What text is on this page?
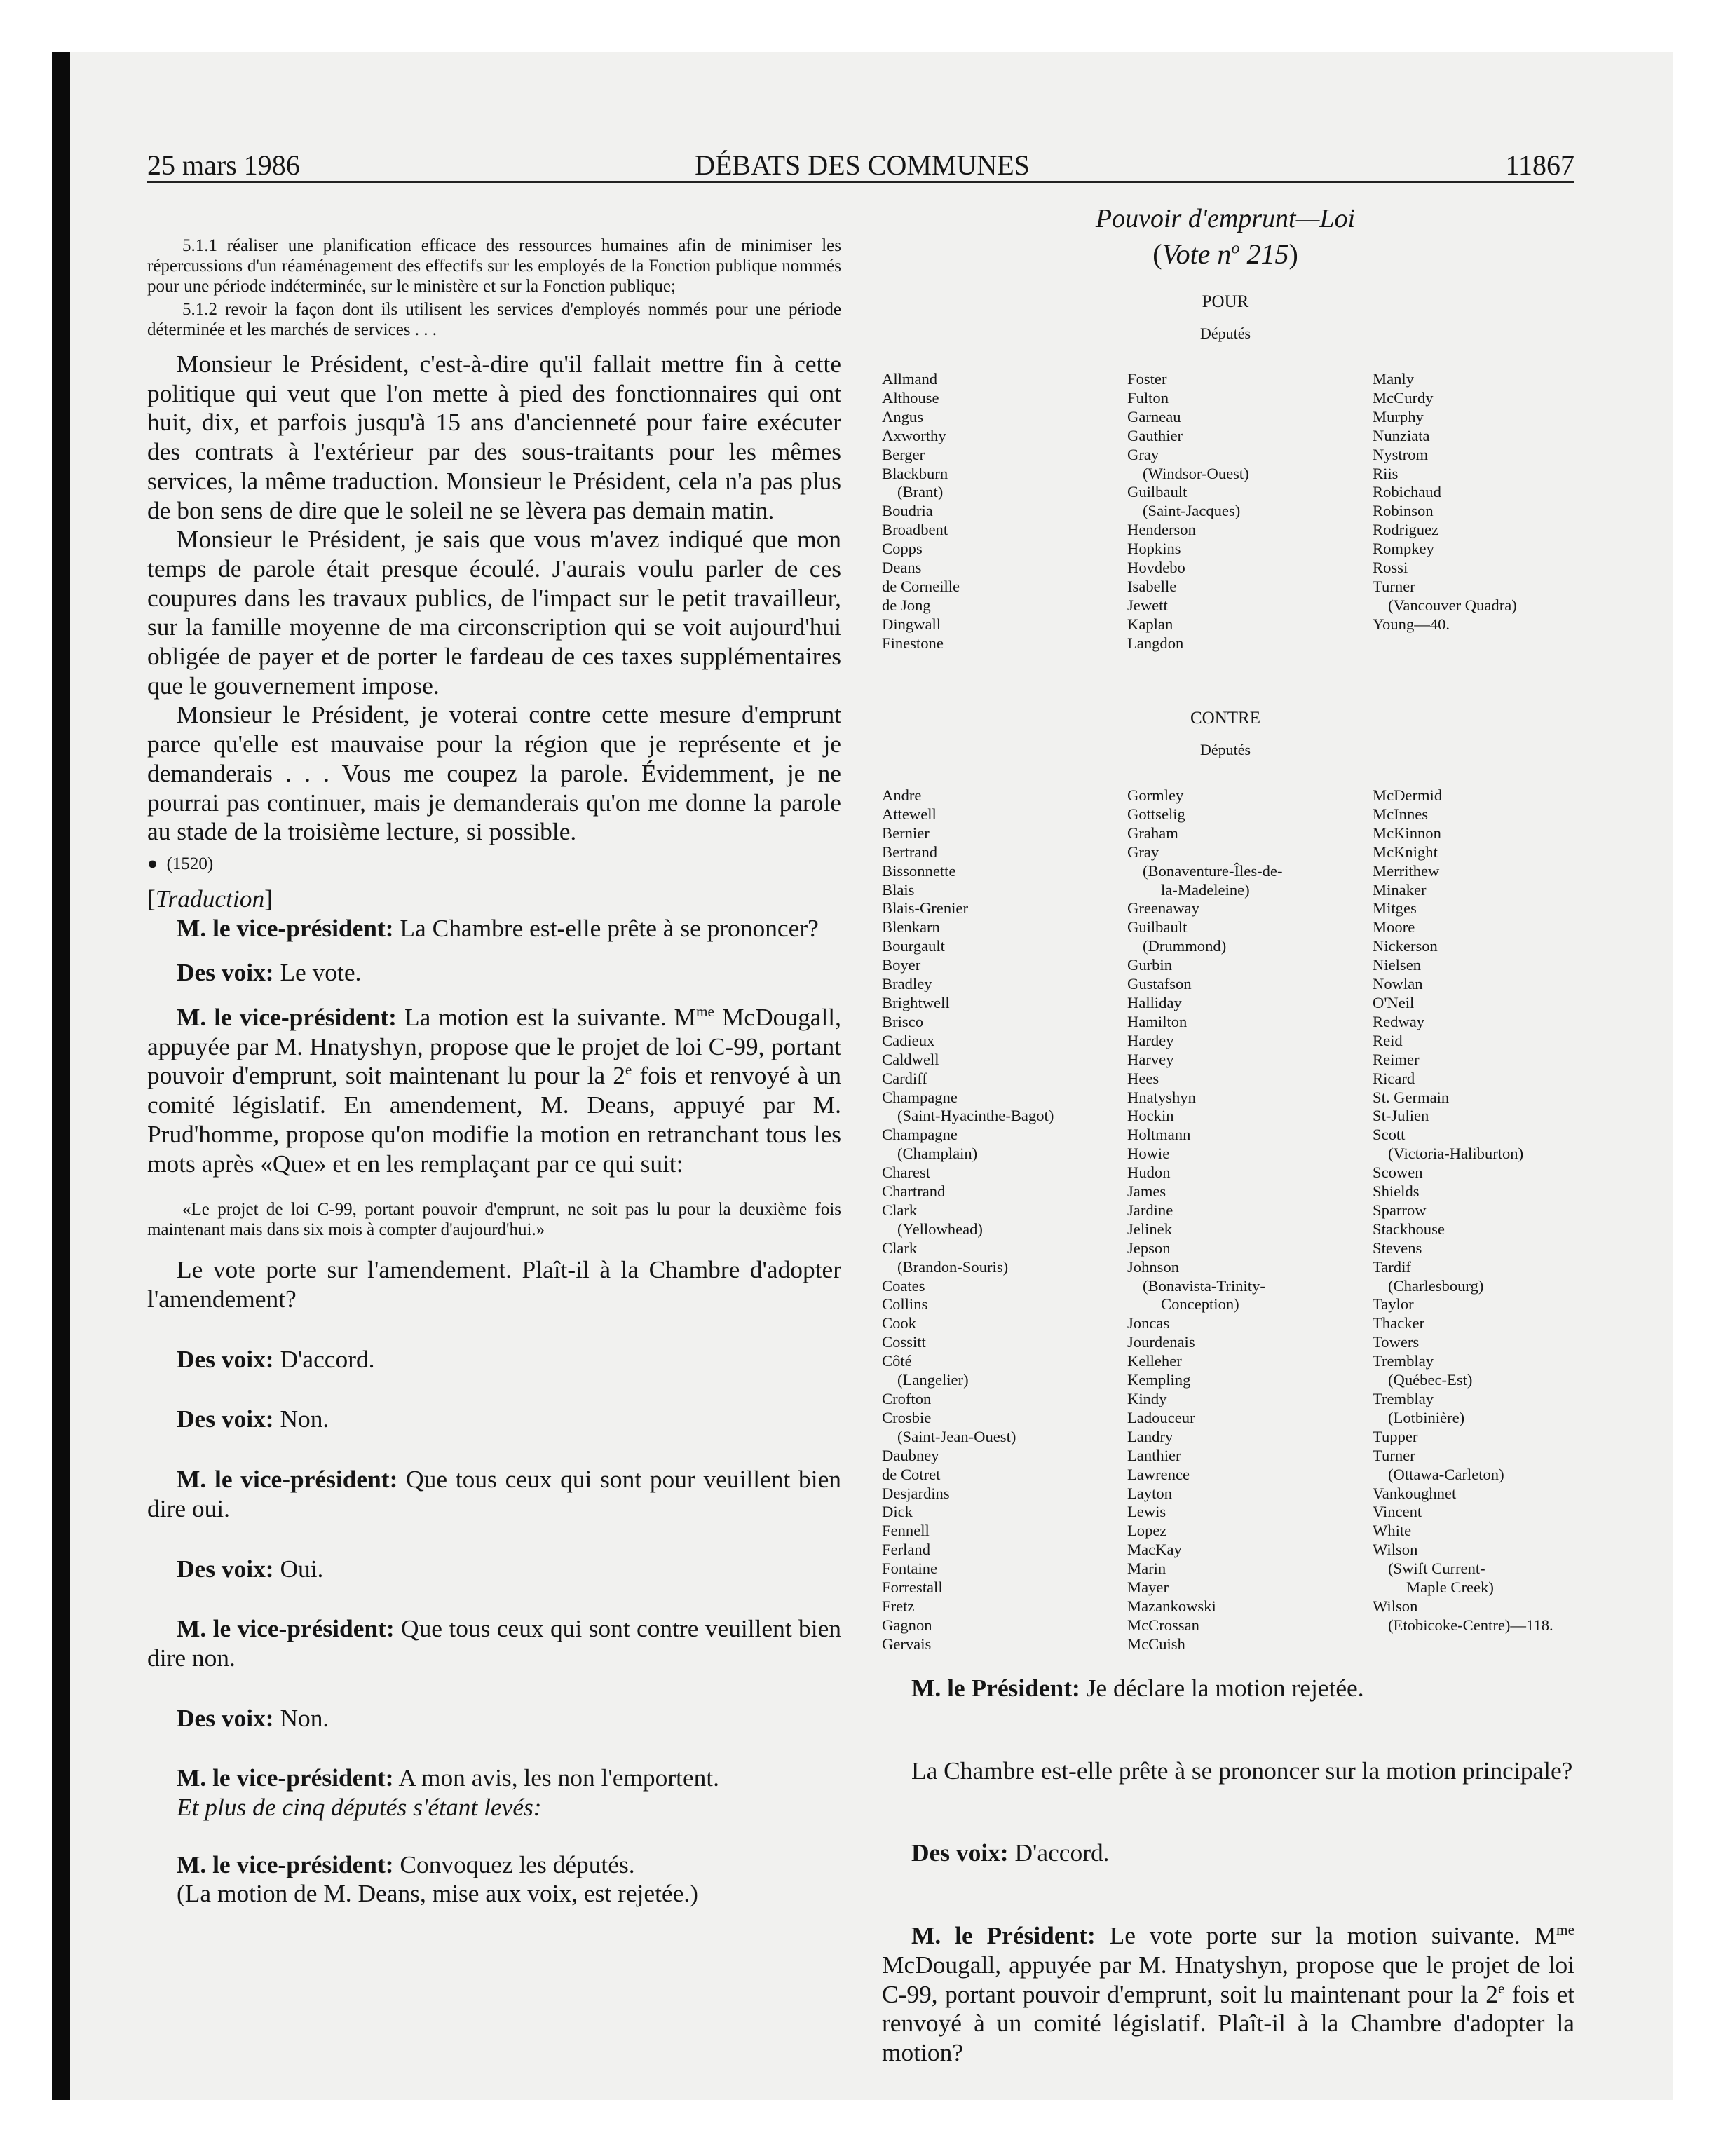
25 mars 1986	DÉBATS DES COMMUNES	11867

5.1.1 réaliser une planification efficace des ressources humaines afin de minimiser les répercussions d'un réaménagement des effectifs sur les employés de la Fonction publique nommés pour une période indéterminée, sur le ministère et sur la Fonction publique;

5.1.2 revoir la façon dont ils utilisent les services d'employés nommés pour une période déterminée et les marchés de services . . .

Monsieur le Président, c'est-à-dire qu'il fallait mettre fin à cette politique qui veut que l'on mette à pied des fonctionnaires qui ont huit, dix, et parfois jusqu'à 15 ans d'ancienneté pour faire exécuter des contrats à l'extérieur par des sous-traitants pour les mêmes services, la même traduction. Monsieur le Président, cela n'a pas plus de bon sens de dire que le soleil ne se lèvera pas demain matin.

Monsieur le Président, je sais que vous m'avez indiqué que mon temps de parole était presque écoulé. J'aurais voulu parler de ces coupures dans les travaux publics, de l'impact sur le petit travailleur, sur la famille moyenne de ma circonscription qui se voit aujourd'hui obligée de payer et de porter le fardeau de ces taxes supplémentaires que le gouvernement impose.

Monsieur le Président, je voterai contre cette mesure d'emprunt parce qu'elle est mauvaise pour la région que je représente et je demanderais . . . Vous me coupez la parole. Évidemment, je ne pourrai pas continuer, mais je demanderais qu'on me donne la parole au stade de la troisième lecture, si possible.

● (1520)

[Traduction]

M. le vice-président: La Chambre est-elle prête à se prononcer?

Des voix: Le vote.

M. le vice-président: La motion est la suivante. $M^{me}$ McDougall, appuyée par M. Hnatyshyn, propose que le projet de loi C-99, portant pouvoir d'emprunt, soit maintenant lu pour la 2e fois et renvoyé à un comité législatif. En amendement, M. Deans, appuyé par M. Prud'homme, propose qu'on modifie la motion en retranchant tous les mots après «Que» et en les remplaçant par ce qui suit:

«Le projet de loi C-99, portant pouvoir d'emprunt, ne soit pas lu pour la deuxième fois maintenant mais dans six mois à compter d'aujourd'hui.»

Le vote porte sur l'amendement. Plaît-il à la Chambre d'adopter l'amendement?

Des voix: D'accord.

Des voix: Non.

M. le vice-président: Que tous ceux qui sont pour veuillent bien dire oui.

Des voix: Oui.

M. le vice-président: Que tous ceux qui sont contre veuillent bien dire non.

Des voix: Non.

M. le vice-président: A mon avis, les non l'emportent.

Et plus de cinq députés s'étant levés:

M. le vice-président: Convoquez les députés.

(La motion de M. Deans, mise aux voix, est rejetée.)

Pouvoir d'emprunt—Loi
(Vote $n^o$ 215)
POUR
Députés
Allmand
Althouse
Angus
Axworthy
Berger
Blackburn
(Brant)
Boudria
Broadbent
Copps
Deans
de Corneille
de Jong
Dingwall
Finestone
Foster
Fulton
Garneau
Gauthier
Gray
(Windsor-Ouest)
Guilbault
(Saint-Jacques)
Henderson
Hopkins
Hovdebo
Isabelle
Jewett
Kaplan
Langdon
Manly
McCurdy
Murphy
Nunziata
Nystrom
Riis
Robichaud
Robinson
Rodriguez
Rompkey
Rossi
Turner
(Vancouver Quadra)
Young—40.
CONTRE
Députés
Andre
Attewell
Bernier
Bertrand
Bissonnette
Blais
Blais-Grenier
Blenkarn
Bourgault
Boyer
Bradley
Brightwell
Brisco
Cadieux
Caldwell
Cardiff
Champagne
(Saint-Hyacinthe-Bagot)
Champagne
(Champlain)
Charest
Chartrand
Clark
(Yellowhead)
Clark
(Brandon-Souris)
Coates
Collins
Cook
Cossitt
Côté
(Langelier)
Crofton
Crosbie
(Saint-Jean-Ouest)
Daubney
de Cotret
Desjardins
Dick
Fennell
Ferland
Fontaine
Forrestall
Fretz
Gagnon
Gervais
Gormley
Gottselig
Graham
Gray
(Bonaventure-Îles-de-
la-Madeleine)
Greenaway
Guilbault
(Drummond)
Gurbin
Gustafson
Halliday
Hamilton
Hardey
Harvey
Hees
Hnatyshyn
Hockin
Holtmann
Howie
Hudon
James
Jardine
Jelinek
Jepson
Johnson
(Bonavista-Trinity-
Conception)
Joncas
Jourdenais
Kelleher
Kempling
Kindy
Ladouceur
Landry
Lanthier
Lawrence
Layton
Lewis
Lopez
MacKay
Marin
Mayer
Mazankowski
McCrossan
McCuish
McDermid
McInnes
McKinnon
McKnight
Merrithew
Minaker
Mitges
Moore
Nickerson
Nielsen
Nowlan
O'Neil
Redway
Reid
Reimer
Ricard
St. Germain
St-Julien
Scott
(Victoria-Haliburton)
Scowen
Shields
Sparrow
Stackhouse
Stevens
Tardif
(Charlesbourg)
Taylor
Thacker
Towers
Tremblay
(Québec-Est)
Tremblay
(Lotbinière)
Tupper
Turner
(Ottawa-Carleton)
Vankoughnet
Vincent
White
Wilson
(Swift Current-
Maple Creek)
Wilson
(Etobicoke-Centre)—118.

M. le Président: Je déclare la motion rejetée.

La Chambre est-elle prête à se prononcer sur la motion principale?

Des voix: D'accord.

M. le Président: Le vote porte sur la motion suivante. $M^{me}$ McDougall, appuyée par M. Hnatyshyn, propose que le projet de loi C-99, portant pouvoir d'emprunt, soit lu maintenant pour la 2e fois et renvoyé à un comité législatif. Plaît-il à la Chambre d'adopter la motion?
